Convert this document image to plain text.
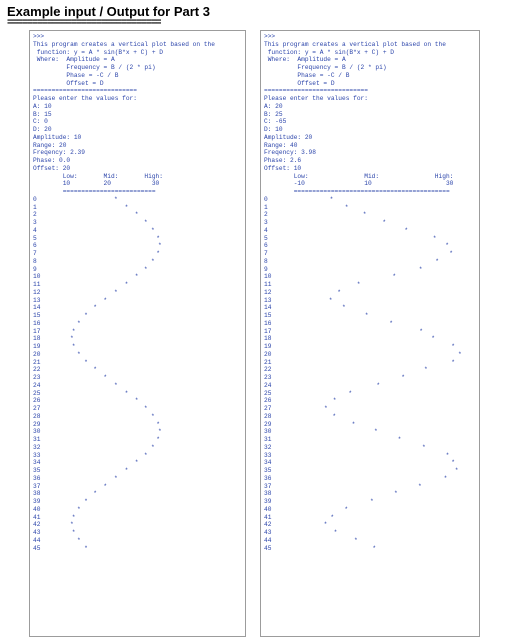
Example input / Output for Part 3
===============================
>>>
This program creates a vertical plot based on the
function: y = A * sin(B*x + C) + D
Where:  Amplitude = A
Frequency = B / (2 * pi)
Phase = -C / B
Offset = D
============================
Please enter the values for:
A: 10
B: 15
C: 0
D: 20
Amplitude: 10
Range: 20
Freqency: 2.39
Phase: 0.0
Offset: 20
Low:       Mid:       High:
10         20           30
=========================
0
1
2
3
4
5
6
7
8
9
10
11
12
13
14
15
16
17
18
19
20
21
22
23
24
25
26
27
28
29
30
31
32
33
34
35
36
37
38
39
40
41
42
43
44
45
*
*
*
*
*
*
*
*
*
*
*
*
*
*
*
*
*
*
*
*
*
*
*
*
*
*
*
*
*
*
*
*
*
*
*
*
*
*
*
*
*
*
*
*
*
*
>>>
This program creates a vertical plot based on the
function: y = A * sin(B*x + C) + D
Where:  Amplitude = A
Frequency = B / (2 * pi)
Phase = -C / B
Offset = D
============================
Please enter the values for:
A: 20
B: 25
C: -65
D: 10
Amplitude: 20
Range: 40
Freqency: 3.98
Phase: 2.6
Offset: 10
Low:               Mid:               High:
-10                10                    30
==========================================
0
1
2
3
4
5
6
7
8
9
10
11
12
13
14
15
16
17
18
19
20
21
22
23
24
25
26
27
28
29
30
31
32
33
34
35
36
37
38
39
40
41
42
43
44
45
*
*
*
*
*
*
*
*
*
*
*
*
*
*
*
*
*
*
*
*
*
*
*
*
*
*
*
*
*
*
*
*
*
*
*
*
*
*
*
*
*
*
*
*
*
*
